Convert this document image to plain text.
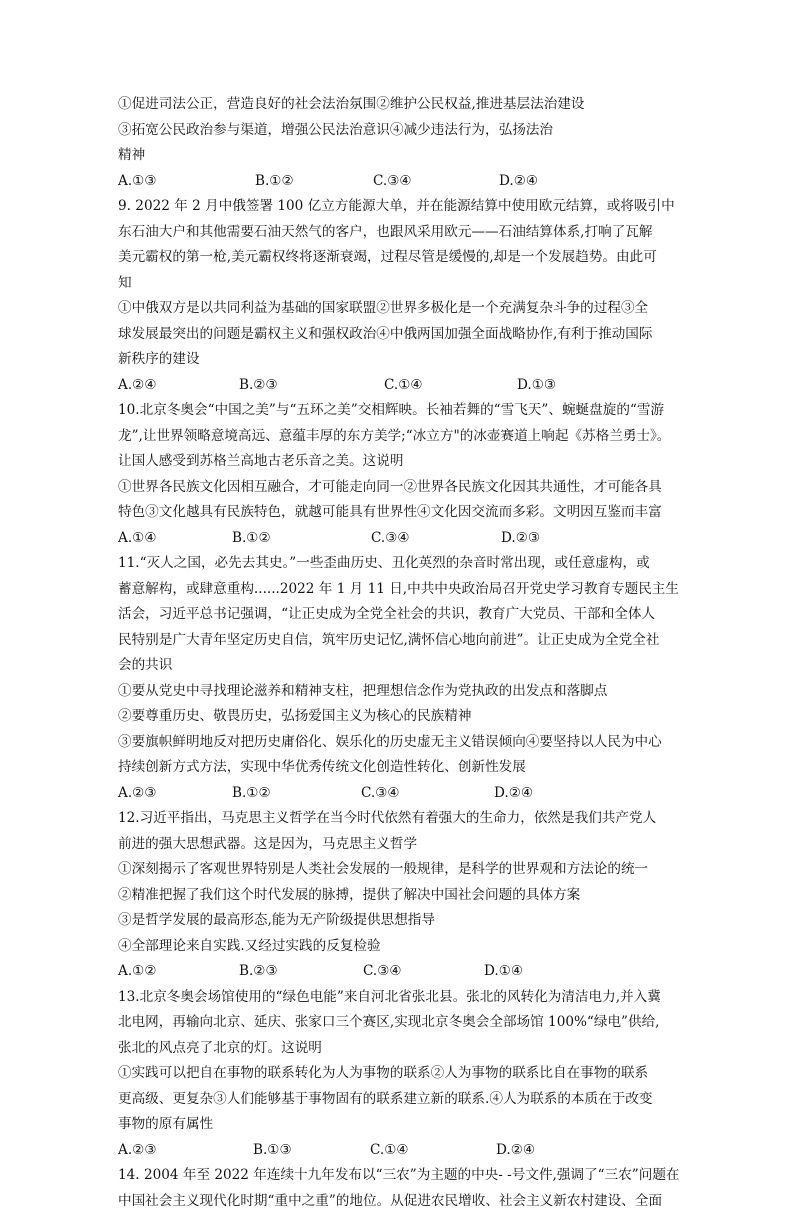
①促进司法公正，营造良好的社会法治氛围②维护公民权益,推进基层法治建设
③拓宽公民政治参与渠道，增强公民法治意识④减少违法行为，弘扬法治
精神
A.①③	B.①②	C.③④	D.②④
9. 2022 年 2 月中俄签署 100 亿立方能源大单，并在能源结算中使用欧元结算，或将吸引中
东石油大户和其他需要石油天然气的客户，也跟风采用欧元——石油结算体系,打响了瓦解
美元霸权的第一枪,美元霸权终将逐渐衰竭，过程尽管是缓慢的,却是一个发展趋势。由此可
知
①中俄双方是以共同利益为基础的国家联盟②世界多极化是一个充满复杂斗争的过程③全
球发展最突出的问题是霸权主义和强权政治④中俄两国加强全面战略协作,有利于推动国际
新秩序的建设
A.②④	B.②③	C.①④	D.①③
10.北京冬奥会“中国之美”与“五环之美”交相辉映。长袖若舞的“雪飞天”、蜿蜒盘旋的“雪游
龙”,让世界领略意境高远、意蕴丰厚的东方美学;“冰立方"的冰壶赛道上响起《苏格兰勇士》。
让国人感受到苏格兰高地古老乐音之美。这说明
①世界各民族文化因相互融合，才可能走向同一②世界各民族文化因其共通性，才可能各具
特色③文化越具有民族特色，就越可能具有世界性④文化因交流而多彩。文明因互鉴而丰富
A.①④	B.①②	C.③④	D.②③
11.“灭人之国，必先去其史。”一些歪曲历史、丑化英烈的杂音时常出现，或任意虚构，或
蓄意解构，或肆意重构......2022 年 1 月 11 日,中共中央政治局召开党史学习教育专题民主生
活会，习近平总书记强调，“让正史成为全党全社会的共识，教育广大党员、干部和全体人
民特别是广大青年坚定历史自信，筑牢历史记忆,满怀信心地向前进”。让正史成为全党全社
会的共识
①要从党史中寻找理论滋养和精神支柱，把理想信念作为党执政的出发点和落脚点
②要尊重历史、敬畏历史，弘扬爱国主义为核心的民族精神
③要旗帜鲜明地反对把历史庸俗化、娱乐化的历史虚无主义错误倾向④要坚持以人民为中心
持续创新方式方法，实现中华优秀传统文化创造性转化、创新性发展
A.②③	B.①②	C.③④	D.②④
12.习近平指出，马克思主义哲学在当今时代依然有着强大的生命力，依然是我们共产党人
前进的强大思想武器。这是因为，马克思主义哲学
①深刻揭示了客观世界特别是人类社会发展的一般规律，是科学的世界观和方法论的统一
②精准把握了我们这个时代发展的脉搏，提供了解决中国社会问题的具体方案
③是哲学发展的最高形态,能为无产阶级提供思想指导
④全部理论来自实践.又经过实践的反复检验
A.①②	B.②③	C.③④	D.①④
13.北京冬奥会场馆使用的“绿色电能”来自河北省张北县。张北的风转化为清洁电力,并入冀
北电网，再输向北京、延庆、张家口三个赛区,实现北京冬奥会全部场馆 100%“绿电”供给,
张北的风点亮了北京的灯。这说明
①实践可以把自在事物的联系转化为人为事物的联系②人为事物的联系比自在事物的联系
更高级、更复杂③人们能够基于事物固有的联系建立新的联系.④人为联系的本质在于改变
事物的原有属性
A.②③	B.①③	C.①④	D.②④
14. 2004 年至 2022 年连续十九年发布以“三农”为主题的中央- -号文件,强调了“三农”问题在
中国社会主义现代化时期“重中之重”的地位。从促进农民增收、社会主义新农村建设、全面
